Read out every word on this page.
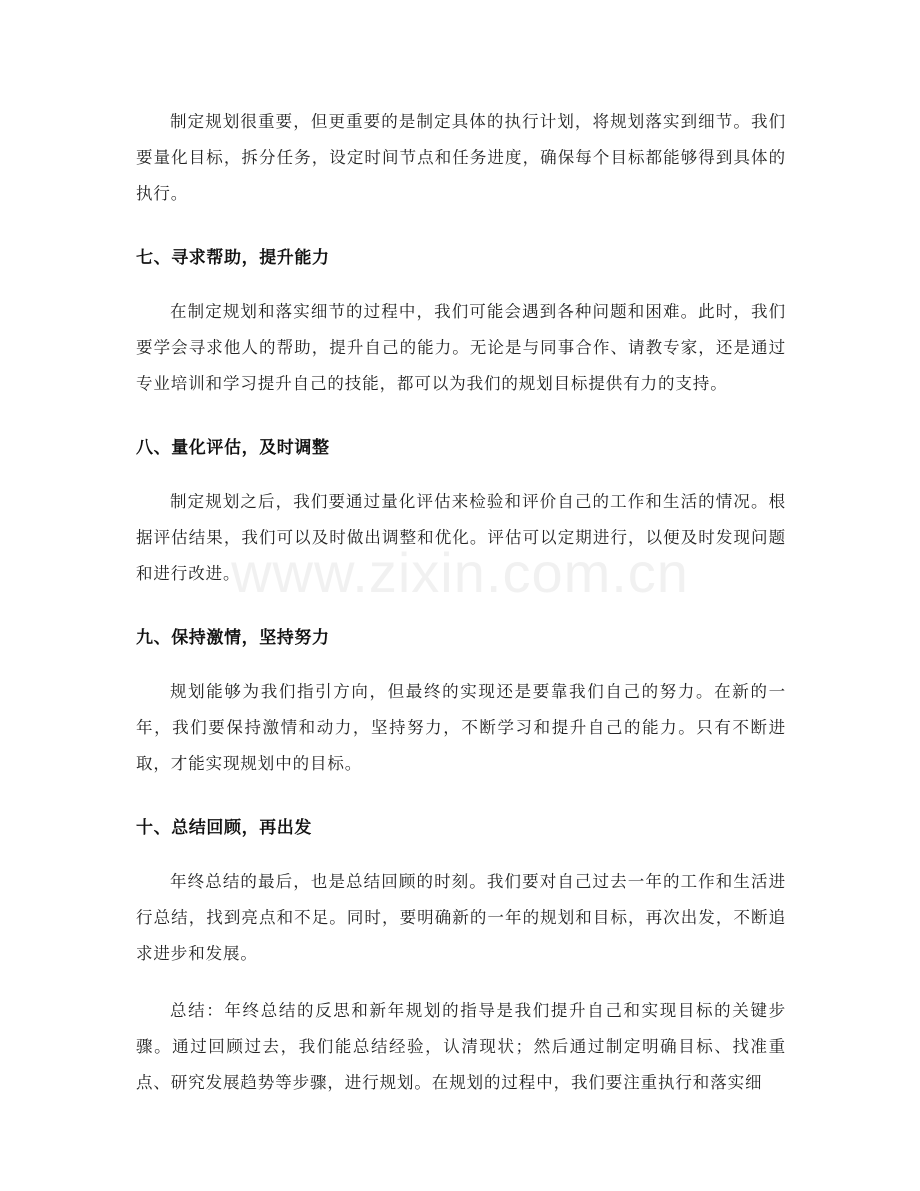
www.zixin.com.cn

制定规划很重要，但更重要的是制定具体的执行计划，将规划落实到细节。我们要量化目标，拆分任务，设定时间节点和任务进度，确保每个目标都能够得到具体的执行。

七、寻求帮助，提升能力

在制定规划和落实细节的过程中，我们可能会遇到各种问题和困难。此时，我们要学会寻求他人的帮助，提升自己的能力。无论是与同事合作、请教专家，还是通过专业培训和学习提升自己的技能，都可以为我们的规划目标提供有力的支持。

八、量化评估，及时调整

制定规划之后，我们要通过量化评估来检验和评价自己的工作和生活的情况。根据评估结果，我们可以及时做出调整和优化。评估可以定期进行，以便及时发现问题和进行改进。

九、保持激情，坚持努力

规划能够为我们指引方向，但最终的实现还是要靠我们自己的努力。在新的一年，我们要保持激情和动力，坚持努力，不断学习和提升自己的能力。只有不断进取，才能实现规划中的目标。

十、总结回顾，再出发

年终总结的最后，也是总结回顾的时刻。我们要对自己过去一年的工作和生活进行总结，找到亮点和不足。同时，要明确新的一年的规划和目标，再次出发，不断追求进步和发展。

总结：年终总结的反思和新年规划的指导是我们提升自己和实现目标的关键步骤。通过回顾过去，我们能总结经验，认清现状；然后通过制定明确目标、找准重点、研究发展趋势等步骤，进行规划。在规划的过程中，我们要注重执行和落实细
